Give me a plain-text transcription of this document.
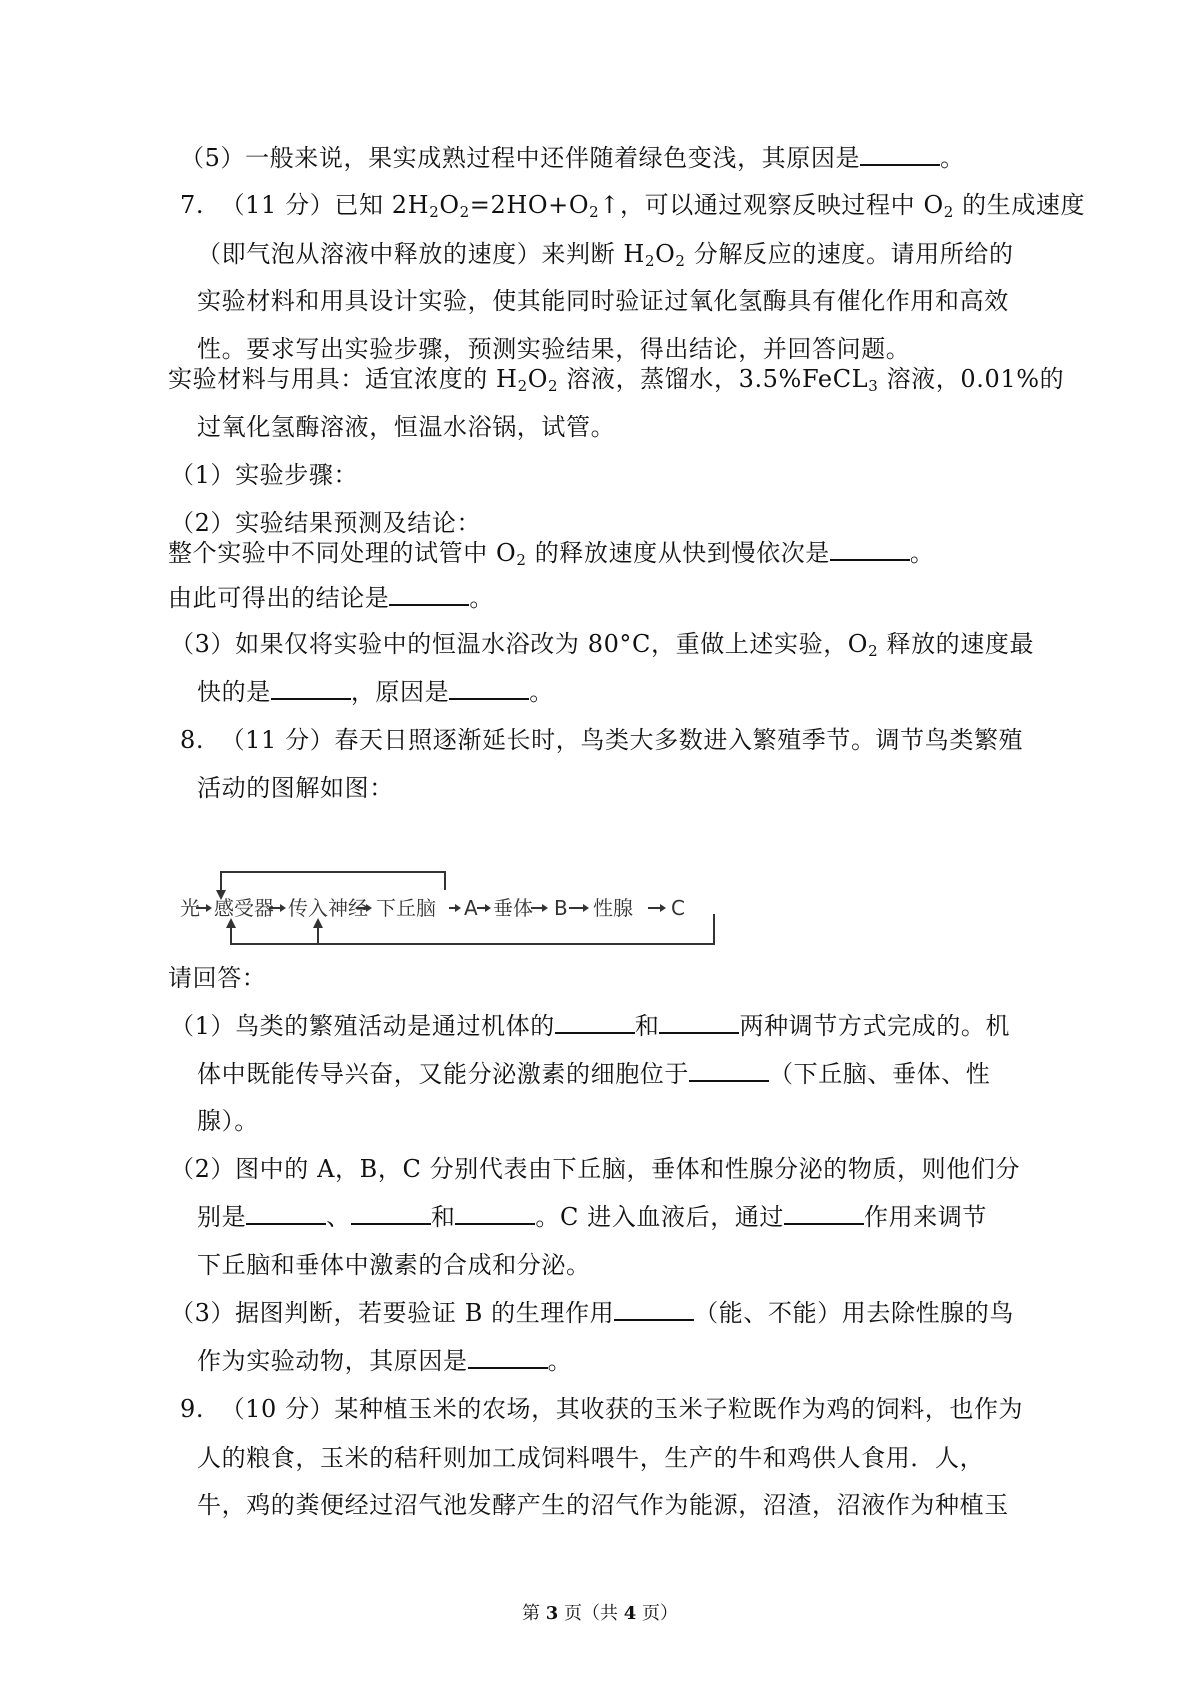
（5）一般来说，果实成熟过程中还伴随着绿色变浅，其原因是	。
7. （11 分）已知 $2H_2O_2=2HO+O_2↑$，可以通过观察反映过程中 $O_2$ 的生成速度
（即气泡从溶液中释放的速度）来判断 $H_2O_2$ 分解反应的速度。请用所给的
实验材料和用具设计实验，使其能同时验证过氧化氢酶具有催化作用和高效
性。要求写出实验步骤，预测实验结果，得出结论，并回答问题。
实验材料与用具：适宜浓度的 $H_2O_2$ 溶液，蒸馏水，3.5%FeCL$_3$ 溶液，0.01%的
过氧化氢酶溶液，恒温水浴锅，试管。
（1）实验步骤：
（2）实验结果预测及结论：
整个实验中不同处理的试管中 $O_2$ 的释放速度从快到慢依次是	。
由此可得出的结论是	。
（3）如果仅将实验中的恒温水浴改为 80°C，重做上述实验，$O_2$ 释放的速度最
快的是	，原因是	。
8. （11 分）春天日照逐渐延长时，鸟类大多数进入繁殖季节。调节鸟类繁殖
活动的图解如图：
光 感受器 传入神经 下丘脑 A 垂体 B 性腺 C
请回答：
（1）鸟类的繁殖活动是通过机体的	和	两种调节方式完成的。机
体中既能传导兴奋，又能分泌激素的细胞位于	（下丘脑、垂体、性
腺）。
（2）图中的 A，B，C 分别代表由下丘脑，垂体和性腺分泌的物质，则他们分
别是	、	和	。C 进入血液后，通过	作用来调节
下丘脑和垂体中激素的合成和分泌。
（3）据图判断，若要验证 B 的生理作用	（能、不能）用去除性腺的鸟
作为实验动物，其原因是	。
9. （10 分）某种植玉米的农场，其收获的玉米子粒既作为鸡的饲料，也作为
人的粮食，玉米的秸秆则加工成饲料喂牛，生产的牛和鸡供人食用．人，
牛，鸡的粪便经过沼气池发酵产生的沼气作为能源，沼渣，沼液作为种植玉
第 3 页（共 4 页）
